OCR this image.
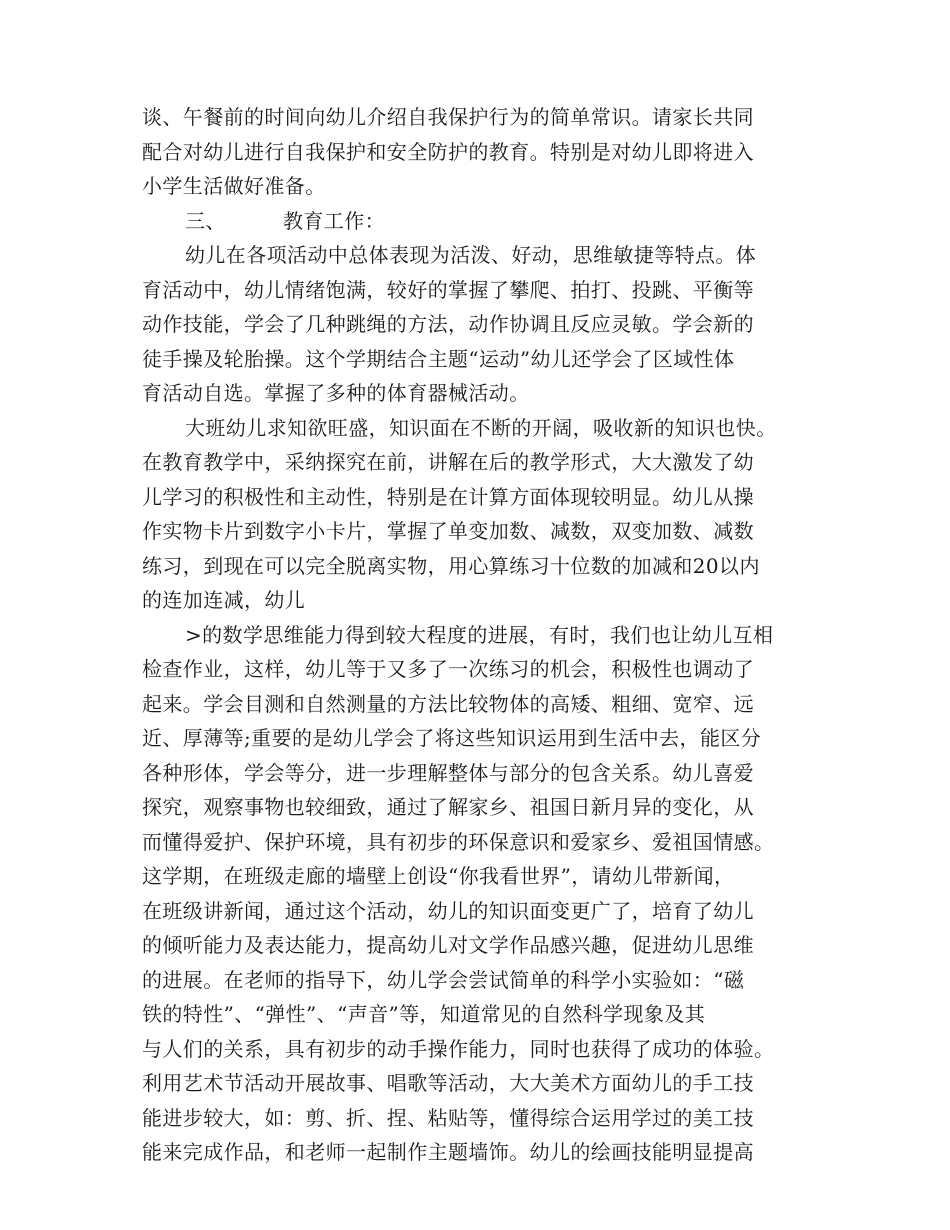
谈、午餐前的时间向幼儿介绍自我保护行为的简单常识。请家长共同
配合对幼儿进行自我保护和安全防护的教育。特别是对幼儿即将进入
小学生活做好准备。
三、	教育工作：
幼儿在各项活动中总体表现为活泼、好动，思维敏捷等特点。体
育活动中，幼儿情绪饱满，较好的掌握了攀爬、拍打、投跳、平衡等
动作技能，学会了几种跳绳的方法，动作协调且反应灵敏。学会新的
徒手操及轮胎操。这个学期结合主题“运动”幼儿还学会了区域性体
育活动自选。掌握了多种的体育器械活动。
大班幼儿求知欲旺盛，知识面在不断的开阔，吸收新的知识也快。
在教育教学中，采纳探究在前，讲解在后的教学形式，大大激发了幼
儿学习的积极性和主动性，特别是在计算方面体现较明显。幼儿从操
作实物卡片到数字小卡片，掌握了单变加数、减数，双变加数、减数
练习，到现在可以完全脱离实物，用心算练习十位数的加减和20以内
的连加连减，幼儿
>的数学思维能力得到较大程度的进展，有时，我们也让幼儿互相
检查作业，这样，幼儿等于又多了一次练习的机会，积极性也调动了
起来。学会目测和自然测量的方法比较物体的高矮、粗细、宽窄、远
近、厚薄等;重要的是幼儿学会了将这些知识运用到生活中去，能区分
各种形体，学会等分，进一步理解整体与部分的包含关系。幼儿喜爱
探究，观察事物也较细致，通过了解家乡、祖国日新月异的变化，从
而懂得爱护、保护环境，具有初步的环保意识和爱家乡、爱祖国情感。
这学期，在班级走廊的墙壁上创设“你我看世界”，请幼儿带新闻，
在班级讲新闻，通过这个活动，幼儿的知识面变更广了，培育了幼儿
的倾听能力及表达能力，提高幼儿对文学作品感兴趣，促进幼儿思维
的进展。在老师的指导下，幼儿学会尝试简单的科学小实验如：“磁
铁的特性”、“弹性”、“声音”等，知道常见的自然科学现象及其
与人们的关系，具有初步的动手操作能力，同时也获得了成功的体验。
利用艺术节活动开展故事、唱歌等活动，大大美术方面幼儿的手工技
能进步较大，如：剪、折、捏、粘贴等，懂得综合运用学过的美工技
能来完成作品，和老师一起制作主题墙饰。幼儿的绘画技能明显提高
